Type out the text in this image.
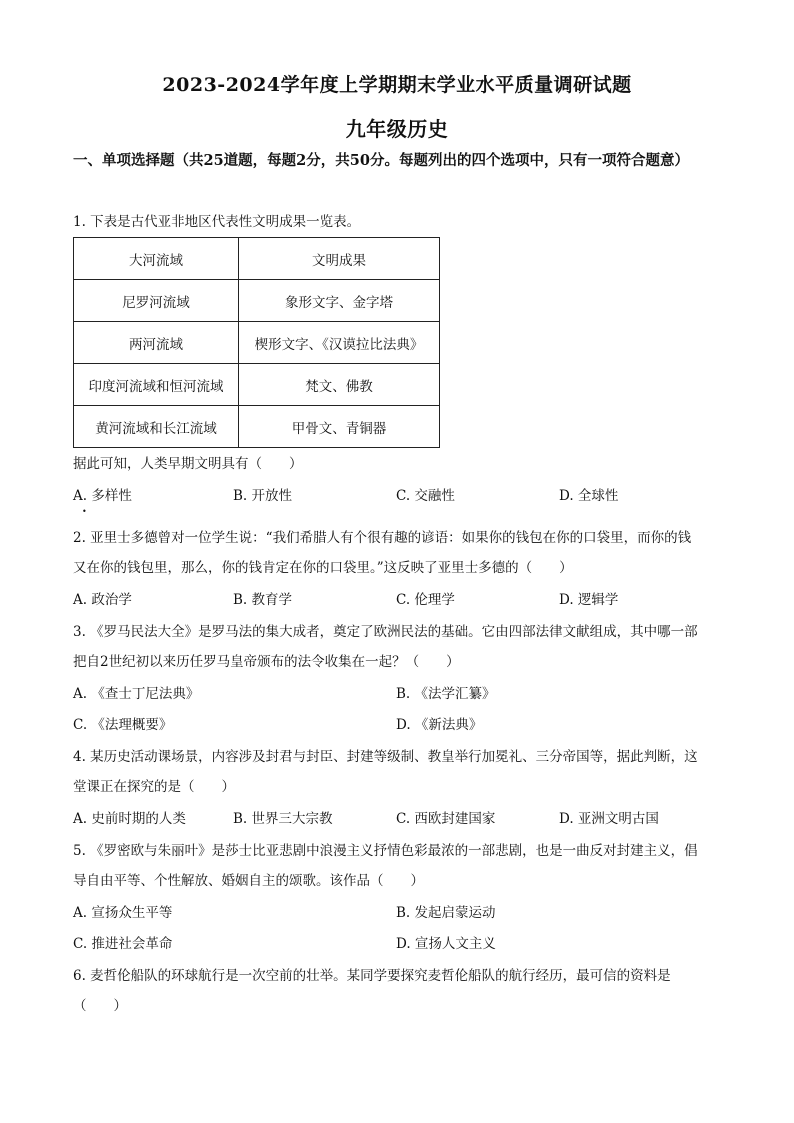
2023-2024学年度上学期期末学业水平质量调研试题
九年级历史
一、单项选择题（共25道题，每题2分，共50分。每题列出的四个选项中，只有一项符合题意）
1. 下表是古代亚非地区代表性文明成果一览表。
大河流域	文明成果
尼罗河流域	象形文字、金字塔
两河流域	楔形文字、《汉谟拉比法典》
印度河流域和恒河流域	梵文、佛教
黄河流域和长江流域	甲骨文、青铜器
据此可知，人类早期文明具有（　　）
A. 多样性	B. 开放性	C. 交融性	D. 全球性
•
2. 亚里士多德曾对一位学生说：“我们希腊人有个很有趣的谚语：如果你的钱包在你的口袋里，而你的钱
又在你的钱包里，那么，你的钱肯定在你的口袋里。”这反映了亚里士多德的（　　）
A. 政治学	B. 教育学	C. 伦理学	D. 逻辑学
3. 《罗马民法大全》是罗马法的集大成者，奠定了欧洲民法的基础。它由四部法律文献组成，其中哪一部
把自2世纪初以来历任罗马皇帝颁布的法令收集在一起？（　　）
A. 《查士丁尼法典》	B. 《法学汇纂》
C. 《法理概要》	D. 《新法典》
4. 某历史活动课场景，内容涉及封君与封臣、封建等级制、教皇举行加冕礼、三分帝国等，据此判断，这
堂课正在探究的是（　　）
A. 史前时期的人类	B. 世界三大宗教	C. 西欧封建国家	D. 亚洲文明古国
5. 《罗密欧与朱丽叶》是莎士比亚悲剧中浪漫主义抒情色彩最浓的一部悲剧，也是一曲反对封建主义，倡
导自由平等、个性解放、婚姻自主的颂歌。该作品（　　）
A. 宣扬众生平等	B. 发起启蒙运动
C. 推进社会革命	D. 宣扬人文主义
6. 麦哲伦船队的环球航行是一次空前的壮举。某同学要探究麦哲伦船队的航行经历，最可信的资料是
（　　）
